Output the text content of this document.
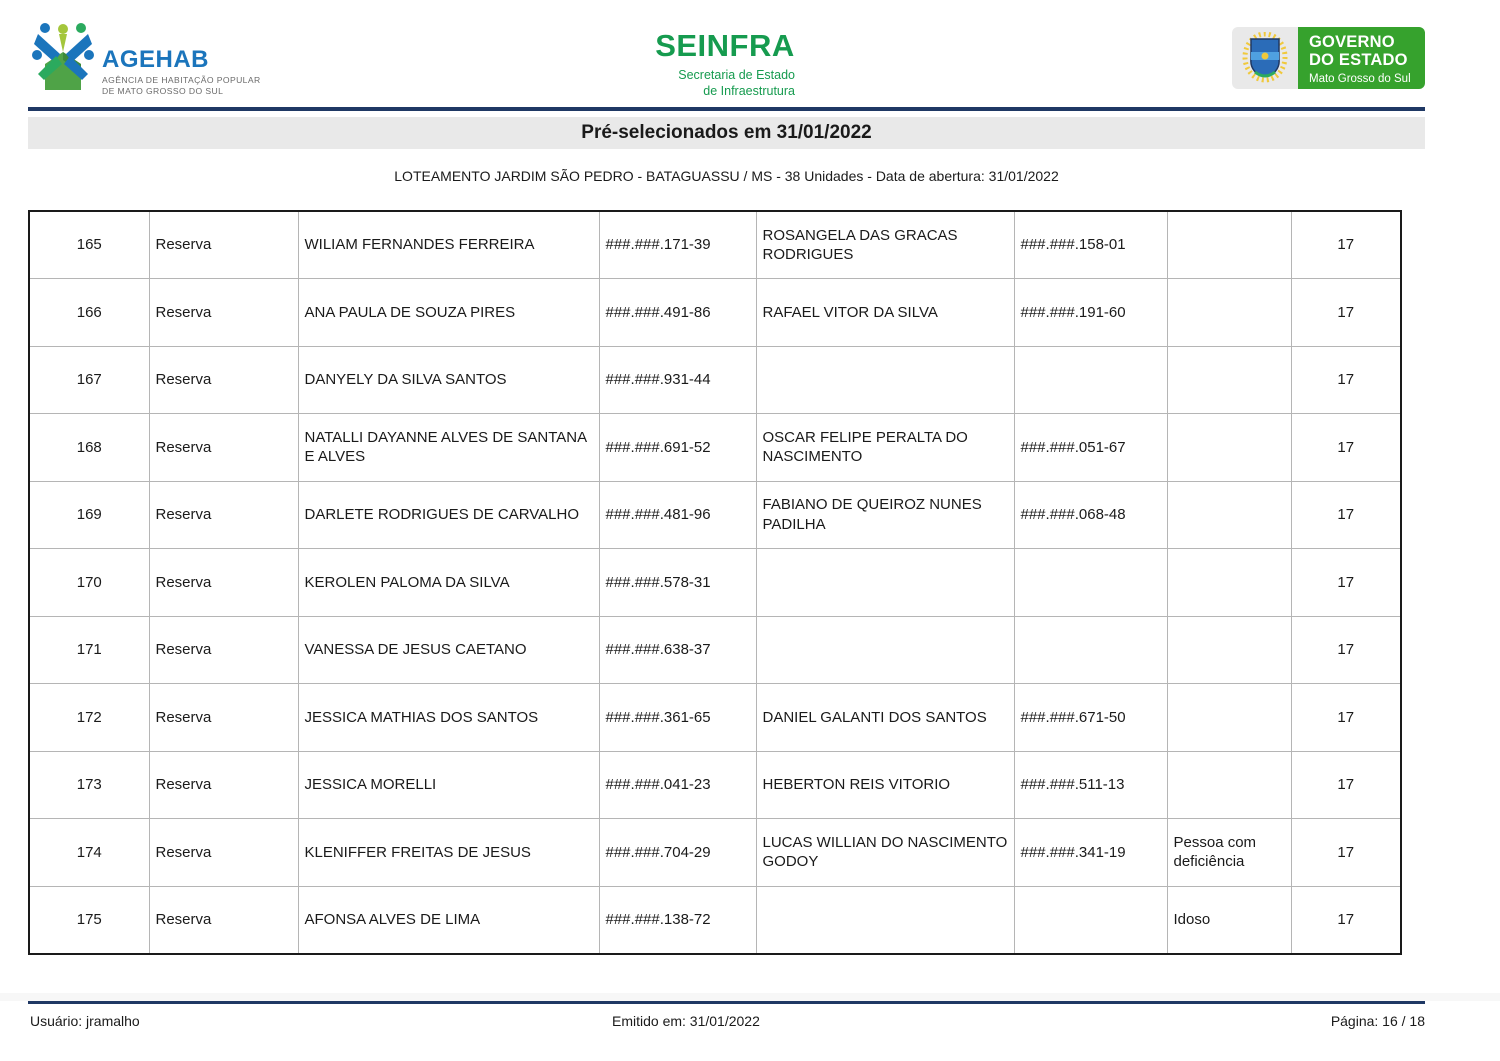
AGEHAB
AGÊNCIA DE HABITAÇÃO POPULAR
DE MATO GROSSO DO SUL
SEINFRA
Secretaria de Estado
de Infraestrutura
GOVERNO
DO ESTADO
Mato Grosso do Sul
Pré-selecionados em 31/01/2022
LOTEAMENTO JARDIM SÃO PEDRO - BATAGUASSU / MS - 38 Unidades - Data de abertura: 31/01/2022
165	Reserva	WILIAM FERNANDES FERREIRA	###.###.171-39	ROSANGELA DAS GRACAS RODRIGUES	###.###.158-01		17
166	Reserva	ANA PAULA DE SOUZA PIRES	###.###.491-86	RAFAEL VITOR DA SILVA	###.###.191-60		17
167	Reserva	DANYELY DA SILVA SANTOS	###.###.931-44				17
168	Reserva	NATALLI DAYANNE ALVES DE SANTANA E ALVES	###.###.691-52	OSCAR FELIPE PERALTA DO NASCIMENTO	###.###.051-67		17
169	Reserva	DARLETE RODRIGUES DE CARVALHO	###.###.481-96	FABIANO DE QUEIROZ NUNES PADILHA	###.###.068-48		17
170	Reserva	KEROLEN PALOMA DA SILVA	###.###.578-31				17
171	Reserva	VANESSA DE JESUS CAETANO	###.###.638-37				17
172	Reserva	JESSICA MATHIAS DOS SANTOS	###.###.361-65	DANIEL GALANTI DOS SANTOS	###.###.671-50		17
173	Reserva	JESSICA MORELLI	###.###.041-23	HEBERTON REIS VITORIO	###.###.511-13		17
174	Reserva	KLENIFFER FREITAS DE JESUS	###.###.704-29	LUCAS WILLIAN DO NASCIMENTO GODOY	###.###.341-19	Pessoa com deficiência	17
175	Reserva	AFONSA ALVES DE LIMA	###.###.138-72			Idoso	17
Usuário: jramalho	Emitido em: 31/01/2022	Página: 16 / 18
